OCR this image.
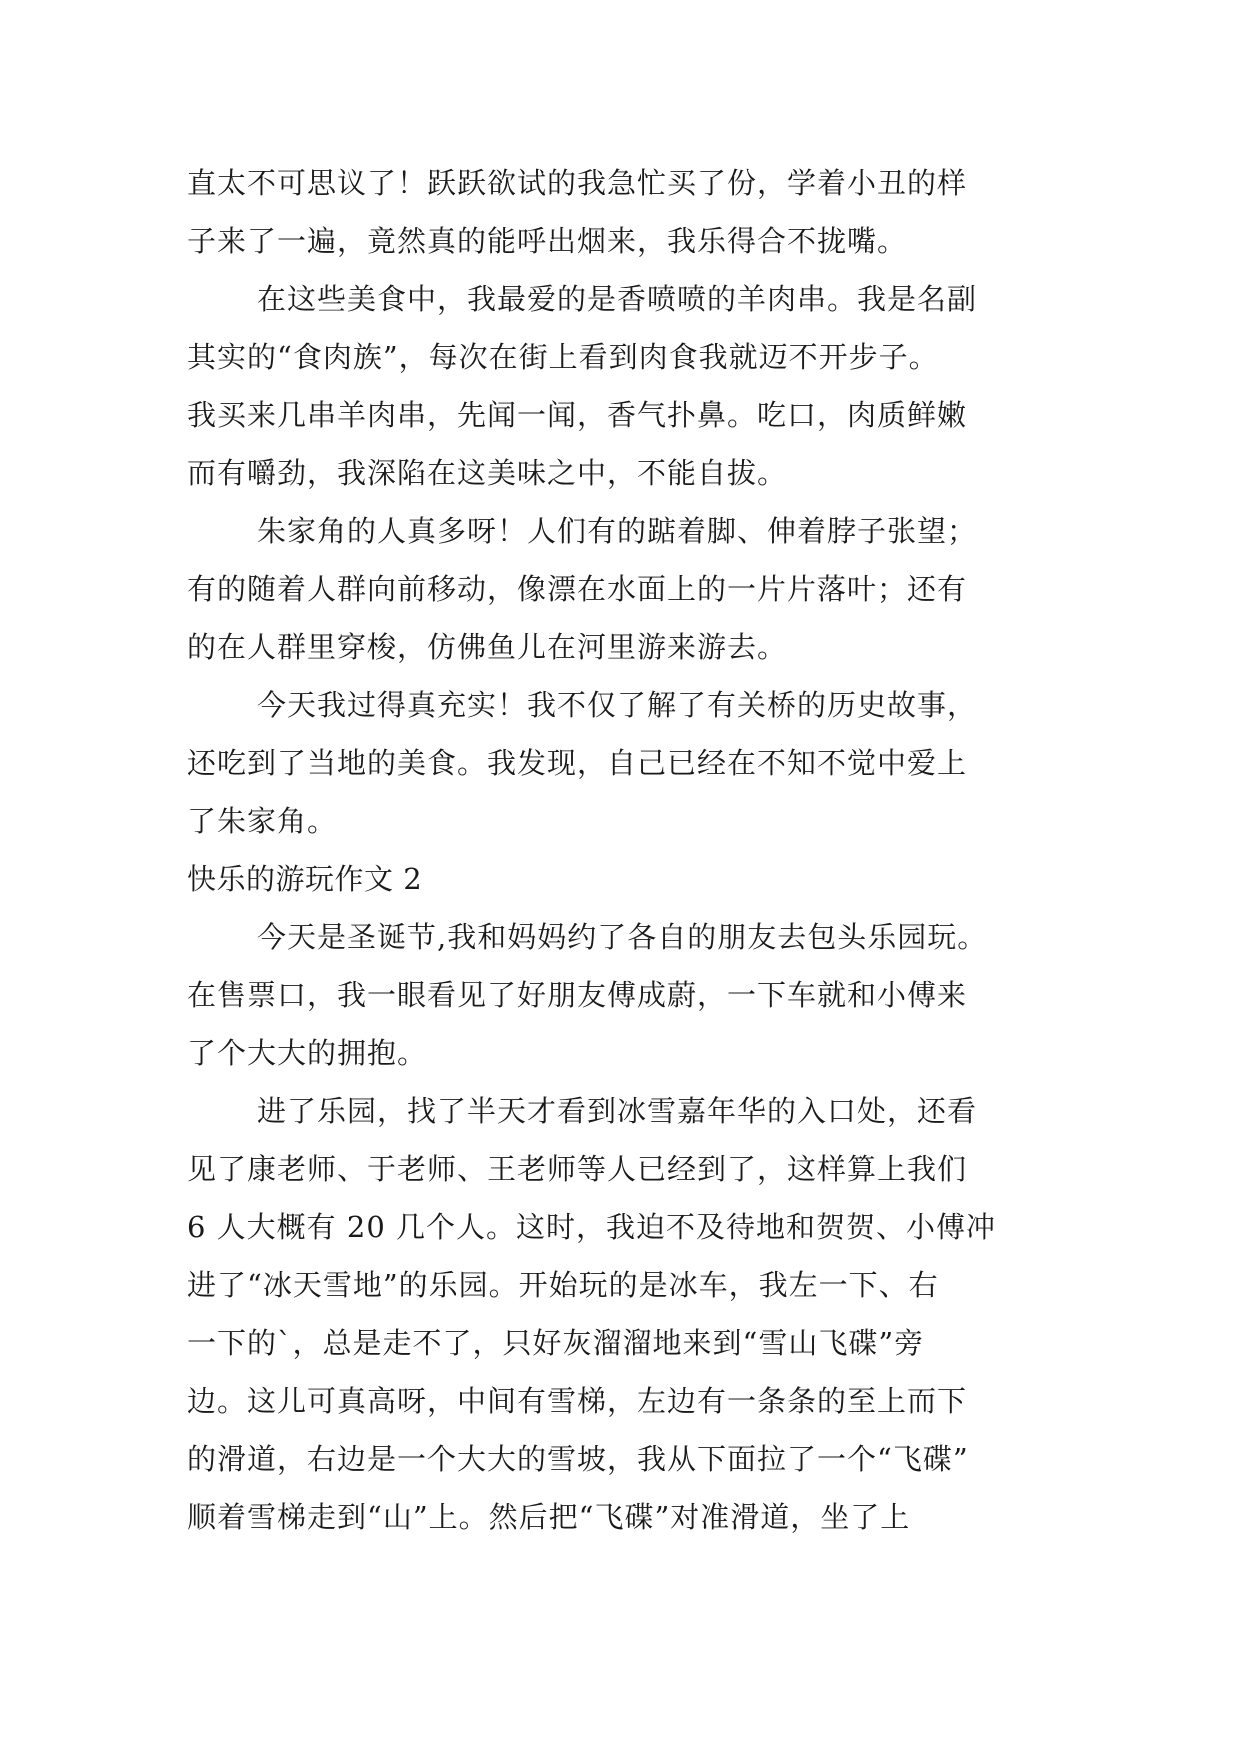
直太不可思议了！跃跃欲试的我急忙买了份，学着小丑的样
子来了一遍，竟然真的能呼出烟来，我乐得合不拢嘴。
在这些美食中，我最爱的是香喷喷的羊肉串。我是名副
其实的“食肉族”，每次在街上看到肉食我就迈不开步子。
我买来几串羊肉串，先闻一闻，香气扑鼻。吃口，肉质鲜嫩
而有嚼劲，我深陷在这美味之中，不能自拔。
朱家角的人真多呀！人们有的踮着脚、伸着脖子张望；
有的随着人群向前移动，像漂在水面上的一片片落叶；还有
的在人群里穿梭，仿佛鱼儿在河里游来游去。
今天我过得真充实！我不仅了解了有关桥的历史故事，
还吃到了当地的美食。我发现，自己已经在不知不觉中爱上
了朱家角。
快乐的游玩作文 2
今天是圣诞节,我和妈妈约了各自的朋友去包头乐园玩。
在售票口，我一眼看见了好朋友傅成蔚，一下车就和小傅来
了个大大的拥抱。
进了乐园，找了半天才看到冰雪嘉年华的入口处，还看
见了康老师、于老师、王老师等人已经到了，这样算上我们
6 人大概有 20 几个人。这时，我迫不及待地和贺贺、小傅冲
进了“冰天雪地”的乐园。开始玩的是冰车，我左一下、右
一下的`，总是走不了，只好灰溜溜地来到“雪山飞碟”旁
边。这儿可真高呀，中间有雪梯，左边有一条条的至上而下
的滑道，右边是一个大大的雪坡，我从下面拉了一个“飞碟”
顺着雪梯走到“山”上。然后把“飞碟”对准滑道，坐了上
